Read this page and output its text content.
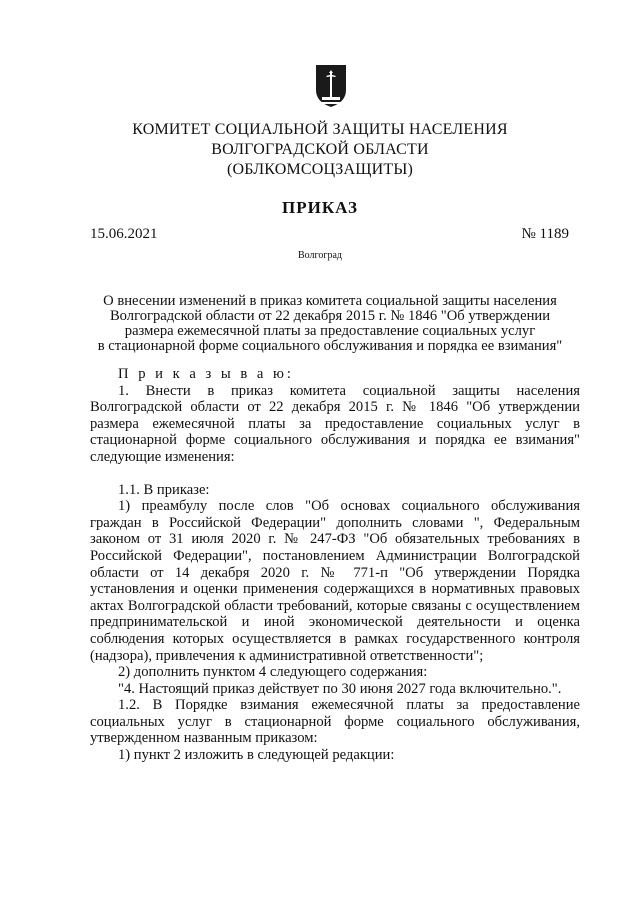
КОМИТЕТ СОЦИАЛЬНОЙ ЗАЩИТЫ НАСЕЛЕНИЯ
ВОЛГОГРАДСКОЙ ОБЛАСТИ
(ОБЛКОМСОЦЗАЩИТЫ)
ПРИКАЗ
15.06.2021	№ 1189
Волгоград
О внесении изменений в приказ комитета социальной защиты населения
Волгоградской области от 22 декабря 2015 г. № 1846 "Об утверждении
размера ежемесячной платы за предоставление социальных услуг
в стационарной форме социального обслуживания и порядка ее взимания"

П р и к а з ы в а ю:

1. Внести в приказ комитета социальной защиты населения Волгоградской области от 22 декабря 2015 г. № 1846 "Об утверждении размера ежемесячной платы за предоставление социальных услуг в стационарной форме социального обслуживания и порядка ее взимания" следующие изменения:

1.1. В приказе:

1) преамбулу после слов "Об основах социального обслуживания граждан в Российской Федерации" дополнить словами ", Федеральным законом от 31 июля 2020 г. № 247-ФЗ "Об обязательных требованиях в Российской Федерации", постановлением Администрации Волгоградской области от 14 декабря 2020 г. № 771-п "Об утверждении Порядка установления и оценки применения содержащихся в нормативных правовых актах Волгоградской области требований, которые связаны с осуществлением предпринимательской и иной экономической деятельности и оценка соблюдения которых осуществляется в рамках государственного контроля (надзора), привлечения к административной ответственности";

2) дополнить пунктом 4 следующего содержания:

"4. Настоящий приказ действует по 30 июня 2027 года включительно.".

1.2. В Порядке взимания ежемесячной платы за предоставление социальных услуг в стационарной форме социального обслуживания, утвержденном названным приказом:

1) пункт 2 изложить в следующей редакции:
